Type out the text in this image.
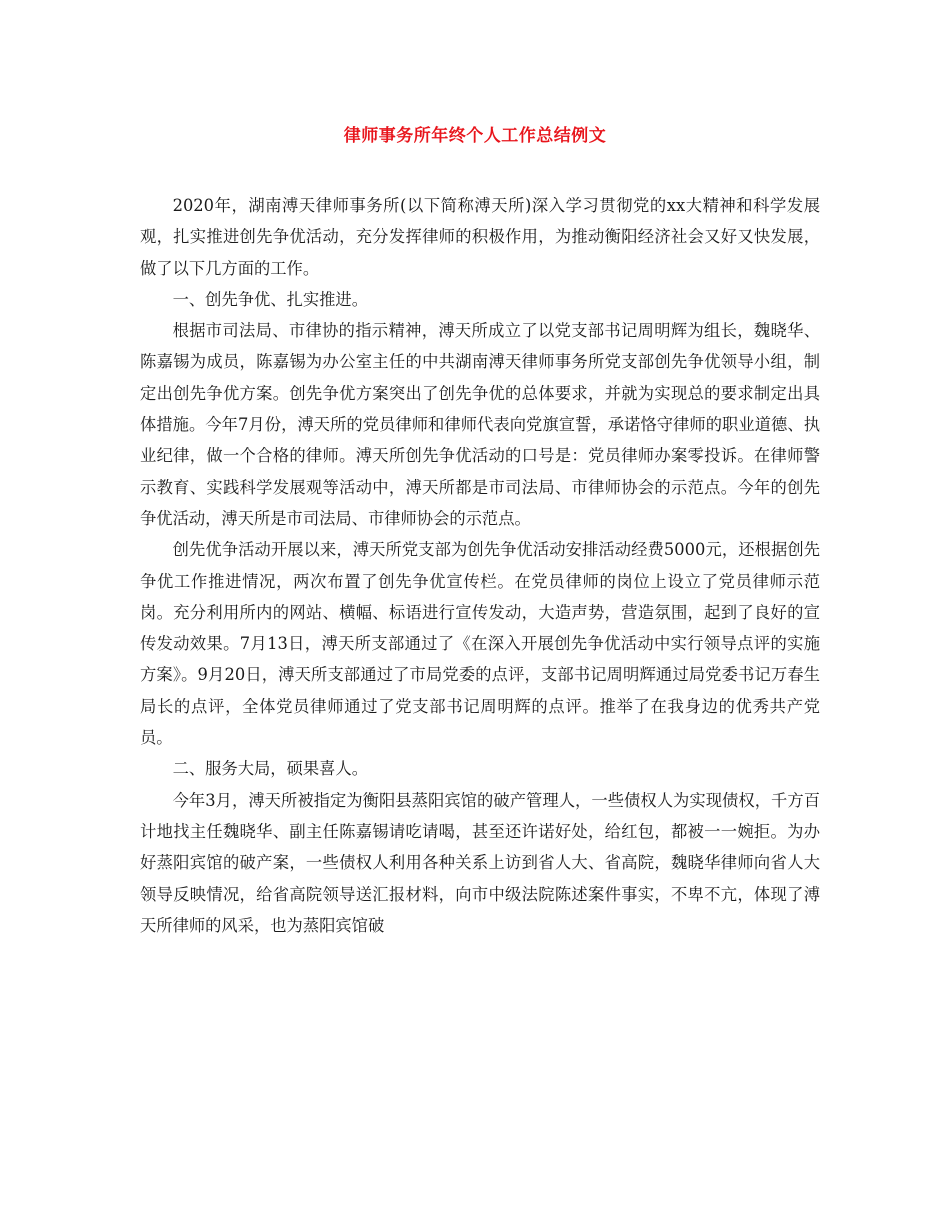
律师事务所年终个人工作总结例文

2020年，湖南溥天律师事务所(以下简称溥天所)深入学习贯彻党的xx大精神和科学发展观，扎实推进创先争优活动，充分发挥律师的积极作用，为推动衡阳经济社会又好又快发展，做了以下几方面的工作。

一、创先争优、扎实推进。

根据市司法局、市律协的指示精神，溥天所成立了以党支部书记周明辉为组长，魏晓华、陈嘉锡为成员，陈嘉锡为办公室主任的中共湖南溥天律师事务所党支部创先争优领导小组，制定出创先争优方案。创先争优方案突出了创先争优的总体要求，并就为实现总的要求制定出具体措施。今年7月份，溥天所的党员律师和律师代表向党旗宣誓，承诺恪守律师的职业道德、执业纪律，做一个合格的律师。溥天所创先争优活动的口号是：党员律师办案零投诉。在律师警示教育、实践科学发展观等活动中，溥天所都是市司法局、市律师协会的示范点。今年的创先争优活动，溥天所是市司法局、市律师协会的示范点。

创先优争活动开展以来，溥天所党支部为创先争优活动安排活动经费5000元，还根据创先争优工作推进情况，两次布置了创先争优宣传栏。在党员律师的岗位上设立了党员律师示范岗。充分利用所内的网站、横幅、标语进行宣传发动，大造声势，营造氛围，起到了良好的宣传发动效果。7月13日，溥天所支部通过了《在深入开展创先争优活动中实行领导点评的实施方案》。9月20日，溥天所支部通过了市局党委的点评，支部书记周明辉通过局党委书记万春生局长的点评，全体党员律师通过了党支部书记周明辉的点评。推举了在我身边的优秀共产党员。

二、服务大局，硕果喜人。

今年3月，溥天所被指定为衡阳县蒸阳宾馆的破产管理人，一些债权人为实现债权，千方百计地找主任魏晓华、副主任陈嘉锡请吃请喝，甚至还许诺好处，给红包，都被一一婉拒。为办好蒸阳宾馆的破产案，一些债权人利用各种关系上访到省人大、省高院，魏晓华律师向省人大领导反映情况，给省高院领导送汇报材料，向市中级法院陈述案件事实，不卑不亢，体现了溥天所律师的风采，也为蒸阳宾馆破
